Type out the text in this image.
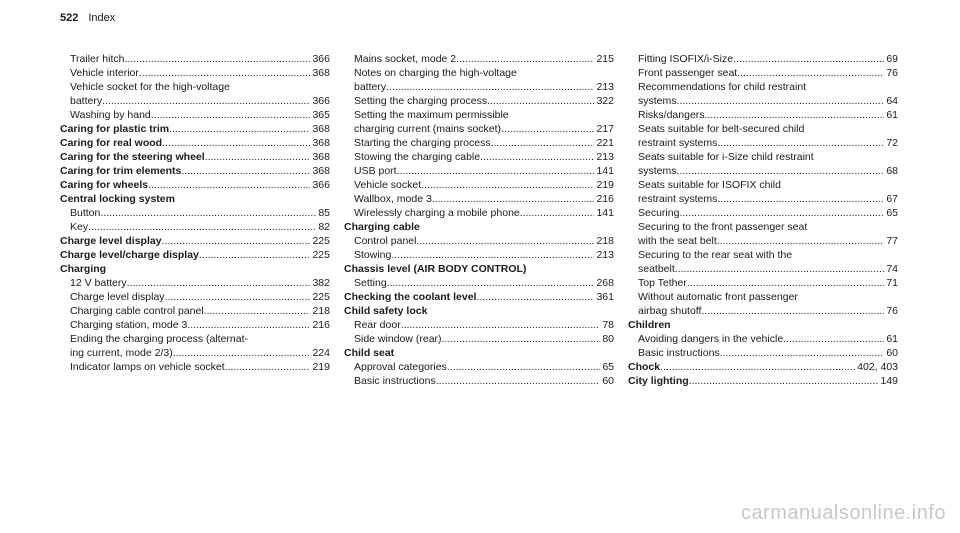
522 Index
Trailer hitch .....	366
Vehicle interior .....	368
Vehicle socket for the high-voltage
battery .....	366
Washing by hand .....	365
Caring for plastic trim .....	368
Caring for real wood .....	368
Caring for the steering wheel .....	368
Caring for trim elements .....	368
Caring for wheels .....	366
Central locking system
Button .....	85
Key .....	82
Charge level display .....	225
Charge level/charge display .....	225
Charging
12 V battery .....	382
Charge level display .....	225
Charging cable control panel .....	218
Charging station, mode 3 .....	216
Ending the charging process (alternat-
ing current, mode 2/3) .....	224
Indicator lamps on vehicle socket .....	219
Mains socket, mode 2 .....	215
Notes on charging the high-voltage
battery .....	213
Setting the charging process .....	322
Setting the maximum permissible
charging current (mains socket) .....	217
Starting the charging process .....	221
Stowing the charging cable .....	213
USB port .....	141
Vehicle socket .....	219
Wallbox, mode 3 .....	216
Wirelessly charging a mobile phone .....	141
Charging cable
Control panel .....	218
Stowing .....	213
Chassis level (AIR BODY CONTROL)
Setting .....	268
Checking the coolant level .....	361
Child safety lock
Rear door .....	78
Side window (rear) .....	80
Child seat
Approval categories .....	65
Basic instructions .....	60
Fitting ISOFIX/i-Size .....	69
Front passenger seat .....	76
Recommendations for child restraint
systems .....	64
Risks/dangers .....	61
Seats suitable for belt-secured child
restraint systems .....	72
Seats suitable for i-Size child restraint
systems .....	68
Seats suitable for ISOFIX child
restraint systems .....	67
Securing .....	65
Securing to the front passenger seat
with the seat belt .....	77
Securing to the rear seat with the
seatbelt .....	74
Top Tether .....	71
Without automatic front passenger
airbag shutoff .....	76
Children
Avoiding dangers in the vehicle .....	61
Basic instructions .....	60
Chock .....	402, 403
City lighting .....	149
carmanualsonline.info
